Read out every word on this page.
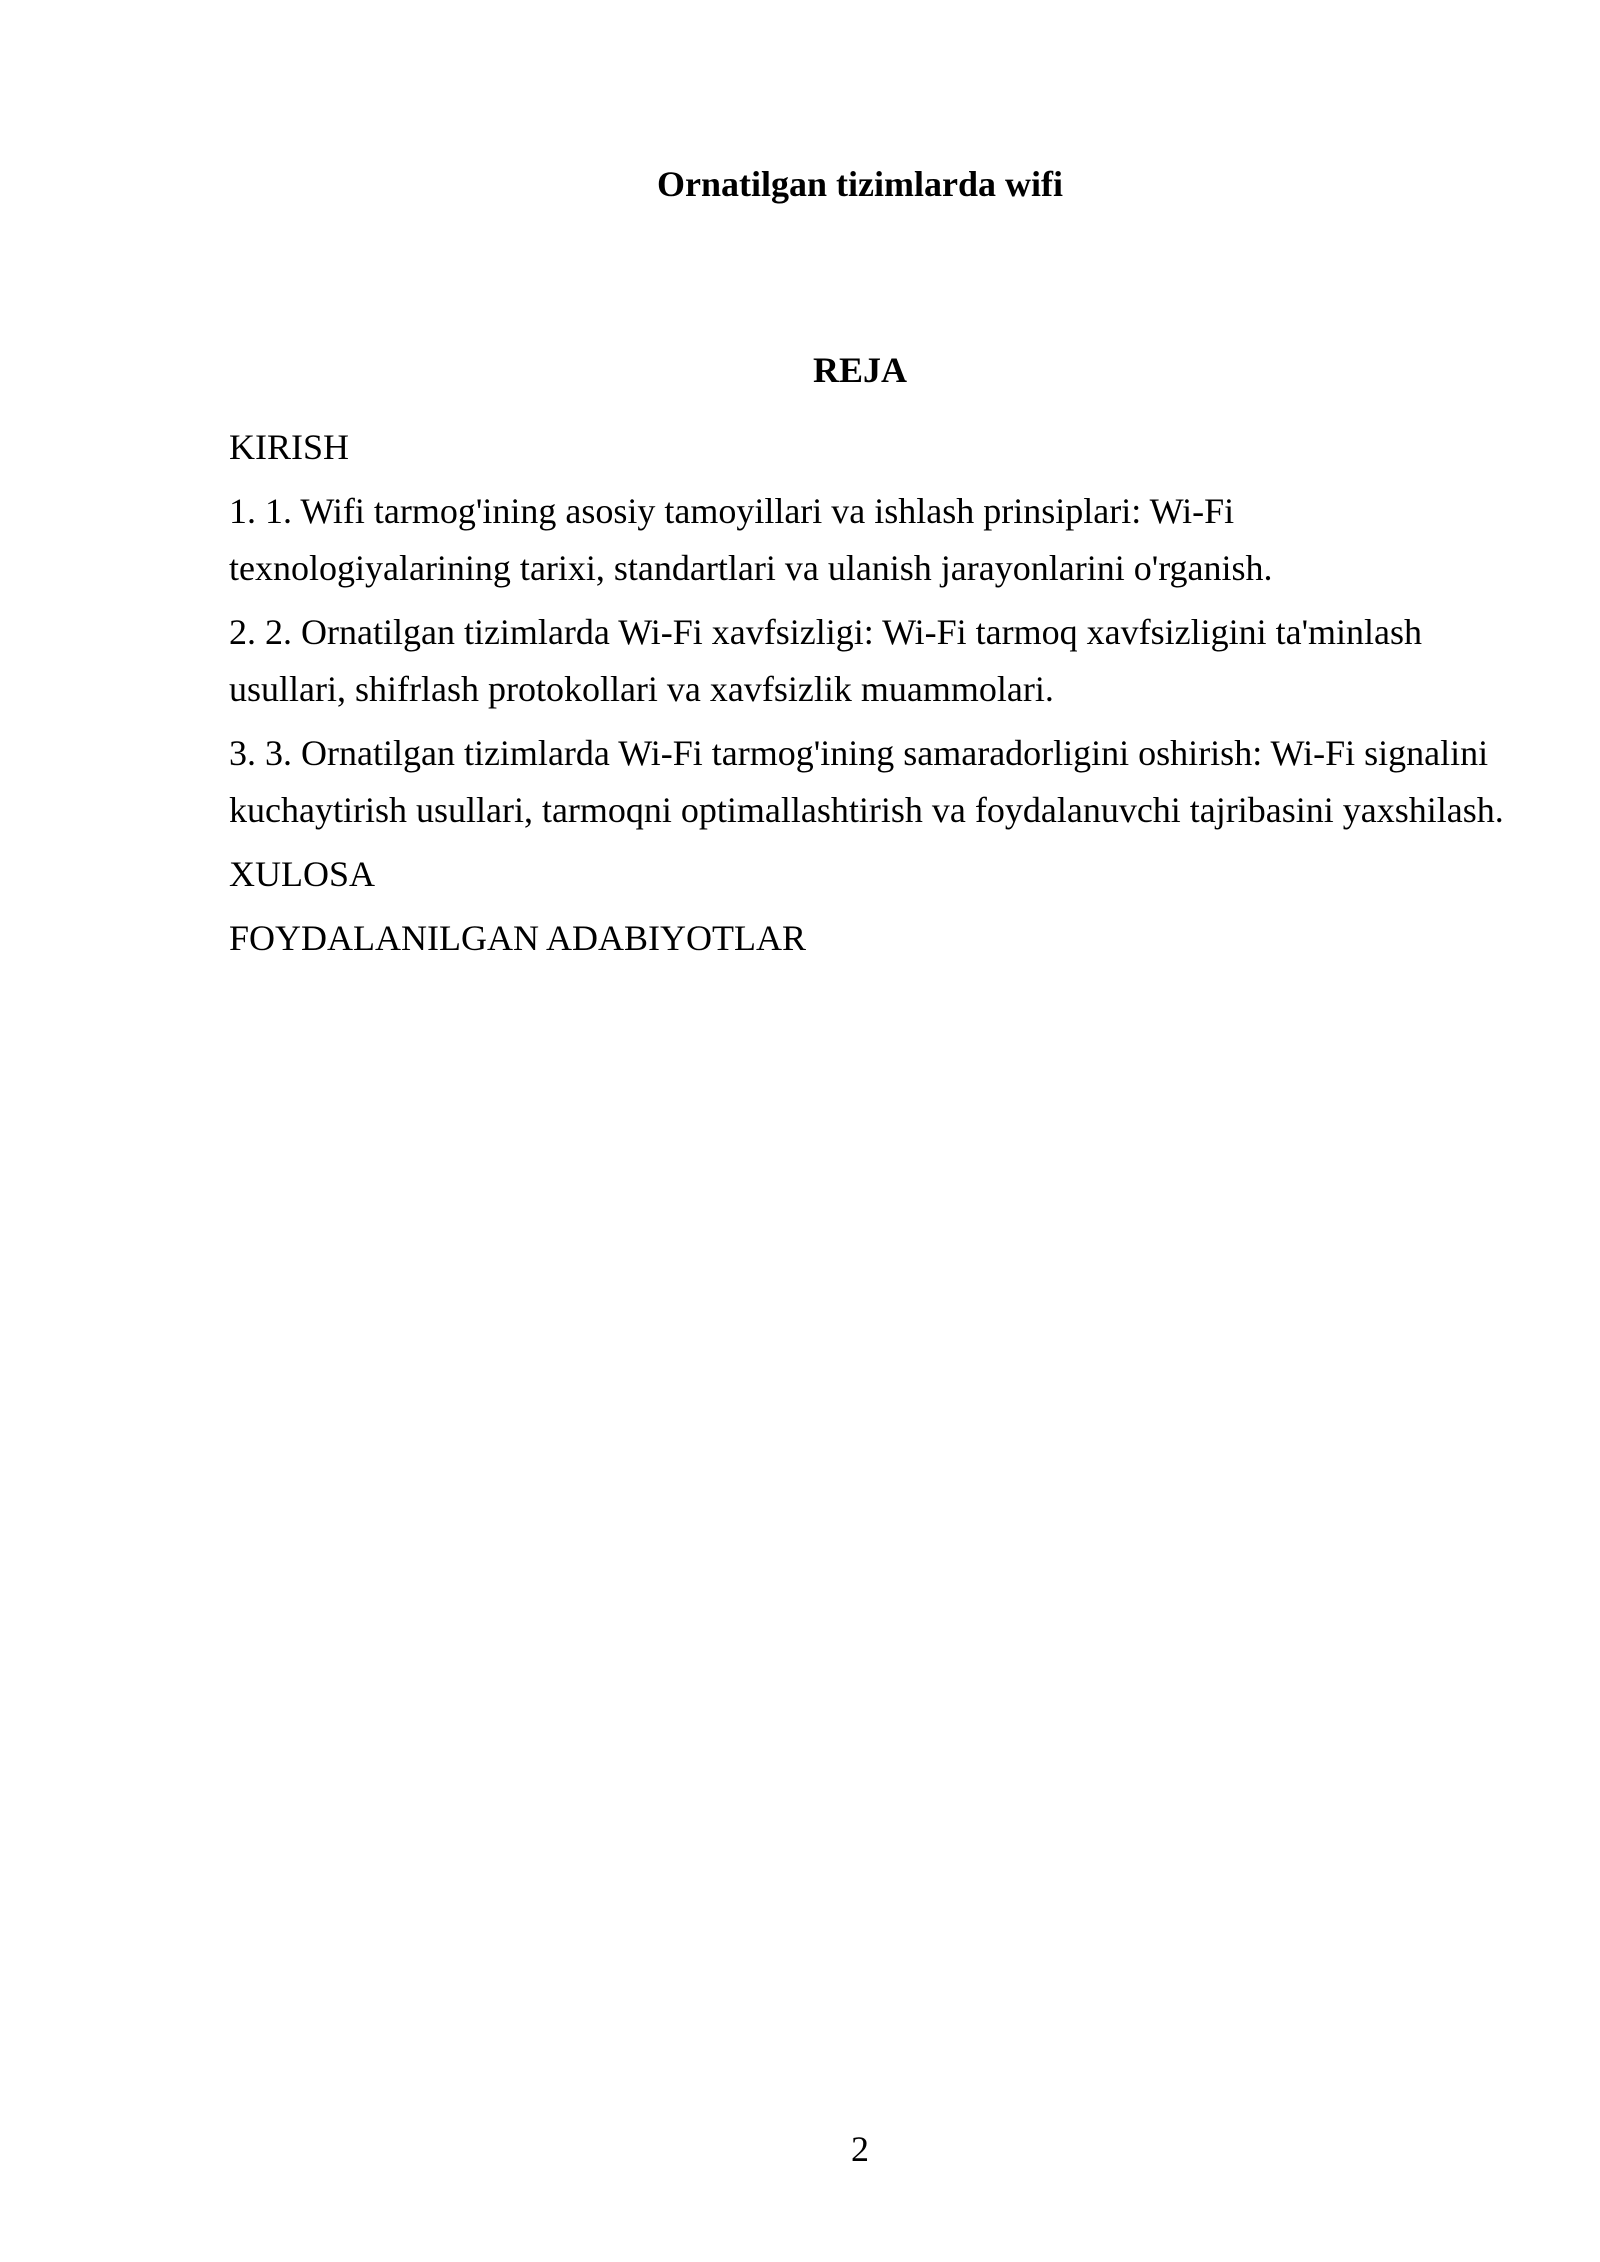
Ornatilgan tizimlarda wifi
REJA
KIRISH
1. 1. Wifi tarmog'ining asosiy tamoyillari va ishlash prinsiplari: Wi-Fi texnologiyalarining tarixi, standartlari va ulanish jarayonlarini o'rganish.
2. 2. Ornatilgan tizimlarda Wi-Fi xavfsizligi: Wi-Fi tarmoq xavfsizligini ta'minlash usullari, shifrlash protokollari va xavfsizlik muammolari.
3. 3. Ornatilgan tizimlarda Wi-Fi tarmog'ining samaradorligini oshirish: Wi-Fi signalini kuchaytirish usullari, tarmoqni optimallashtirish va foydalanuvchi tajribasini yaxshilash.
XULOSA
FOYDALANILGAN ADABIYOTLAR
2
